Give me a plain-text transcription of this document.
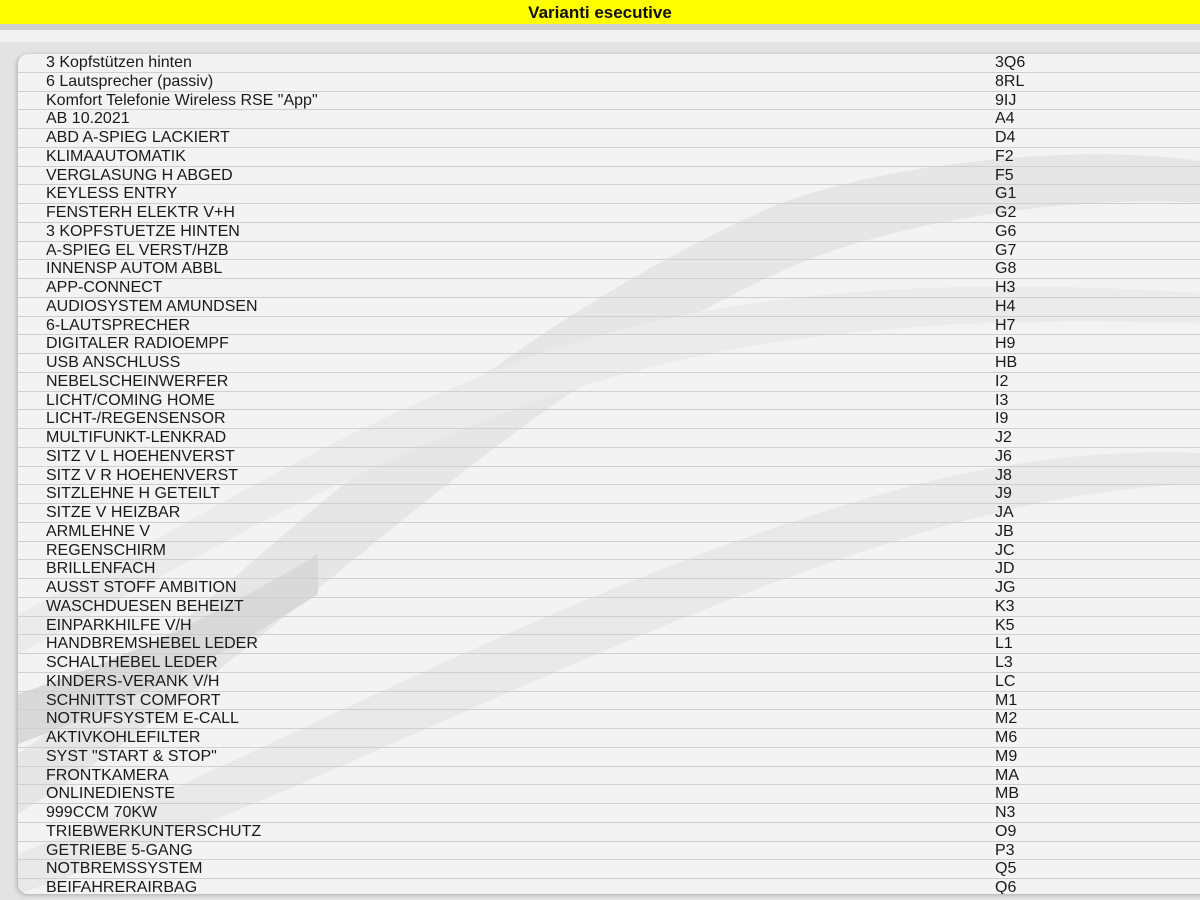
Varianti esecutive
3 Kopfstützen hinten	3Q6
6 Lautsprecher (passiv)	8RL
Komfort Telefonie Wireless RSE "App"	9IJ
AB 10.2021	A4
ABD A-SPIEG LACKIERT	D4
KLIMAAUTOMATIK	F2
VERGLASUNG H ABGED	F5
KEYLESS ENTRY	G1
FENSTERH ELEKTR V+H	G2
3 KOPFSTUETZE HINTEN	G6
A-SPIEG EL VERST/HZB	G7
INNENSP AUTOM ABBL	G8
APP-CONNECT	H3
AUDIOSYSTEM AMUNDSEN	H4
6-LAUTSPRECHER	H7
DIGITALER RADIOEMPF	H9
USB ANSCHLUSS	HB
NEBELSCHEINWERFER	I2
LICHT/COMING HOME	I3
LICHT-/REGENSENSOR	I9
MULTIFUNKT-LENKRAD	J2
SITZ V L HOEHENVERST	J6
SITZ V R HOEHENVERST	J8
SITZLEHNE H GETEILT	J9
SITZE V HEIZBAR	JA
ARMLEHNE V	JB
REGENSCHIRM	JC
BRILLENFACH	JD
AUSST STOFF AMBITION	JG
WASCHDUESEN BEHEIZT	K3
EINPARKHILFE V/H	K5
HANDBREMSHEBEL LEDER	L1
SCHALTHEBEL LEDER	L3
KINDERS-VERANK V/H	LC
SCHNITTST COMFORT	M1
NOTRUFSYSTEM E-CALL	M2
AKTIVKOHLEFILTER	M6
SYST "START & STOP"	M9
FRONTKAMERA	MA
ONLINEDIENSTE	MB
999CCM 70KW	N3
TRIEBWERKUNTERSCHUTZ	O9
GETRIEBE 5-GANG	P3
NOTBREMSSYSTEM	Q5
BEIFAHRERAIRBAG	Q6
